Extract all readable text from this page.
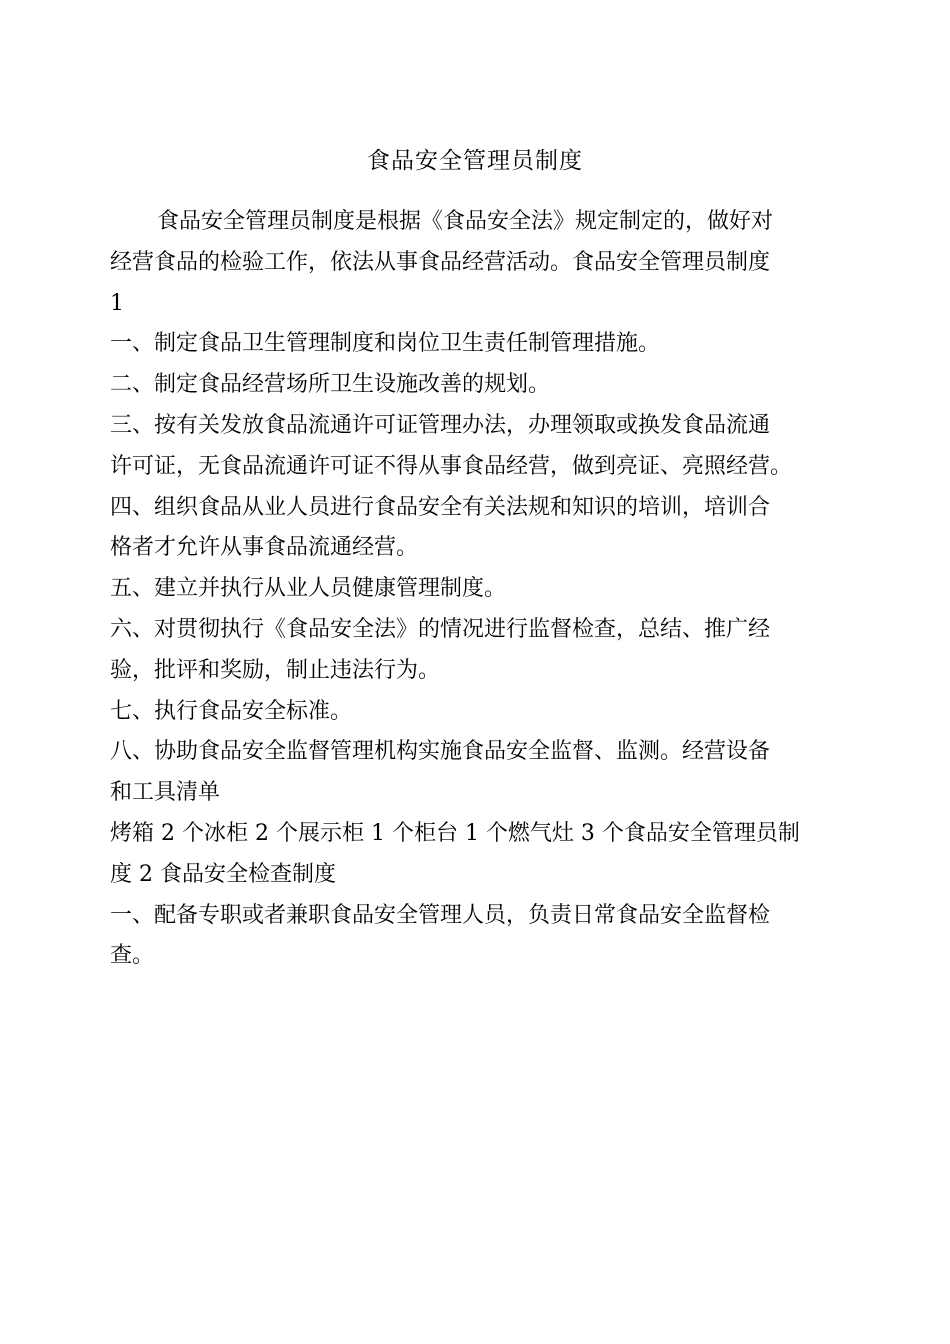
食品安全管理员制度
食品安全管理员制度是根据《食品安全法》规定制定的，做好对
经营食品的检验工作，依法从事食品经营活动。食品安全管理员制度
1
一、制定食品卫生管理制度和岗位卫生责任制管理措施。
二、制定食品经营场所卫生设施改善的规划。
三、按有关发放食品流通许可证管理办法，办理领取或换发食品流通
许可证，无食品流通许可证不得从事食品经营，做到亮证、亮照经营。
四、组织食品从业人员进行食品安全有关法规和知识的培训，培训合
格者才允许从事食品流通经营。
五、建立并执行从业人员健康管理制度。
六、对贯彻执行《食品安全法》的情况进行监督检查，总结、推广经
验，批评和奖励，制止违法行为。
七、执行食品安全标准。
八、协助食品安全监督管理机构实施食品安全监督、监测。经营设备
和工具清单
烤箱 2 个冰柜 2 个展示柜 1 个柜台 1 个燃气灶 3 个食品安全管理员制
度 2 食品安全检查制度
一、配备专职或者兼职食品安全管理人员，负责日常食品安全监督检
查。
